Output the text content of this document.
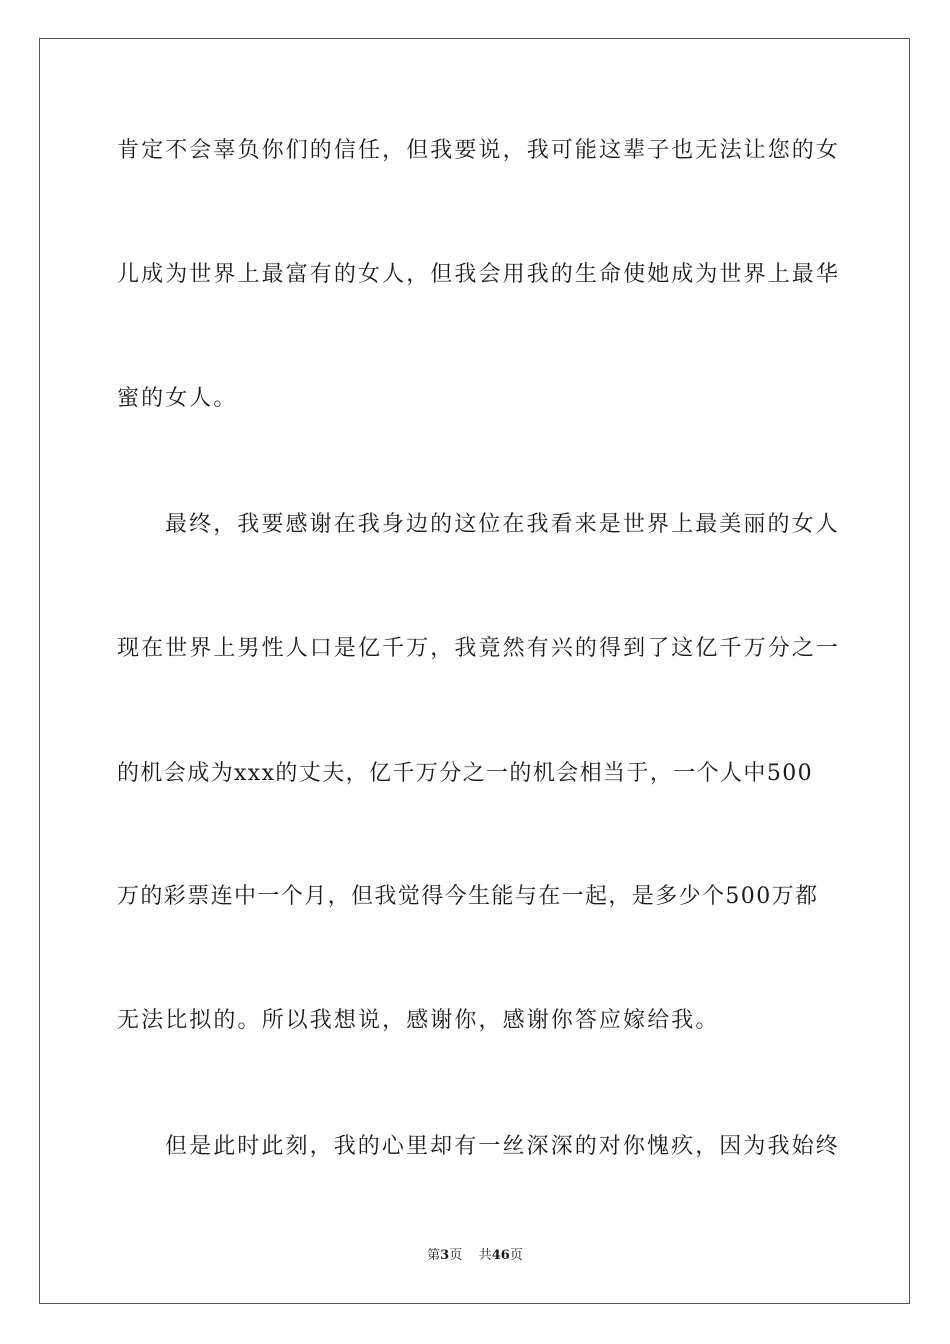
肯定不会辜负你们的信任，但我要说，我可能这辈子也无法让您的女
儿成为世界上最富有的女人，但我会用我的生命使她成为世界上最华
蜜的女人。
最终，我要感谢在我身边的这位在我看来是世界上最美丽的女人
现在世界上男性人口是亿千万，我竟然有兴的得到了这亿千万分之一
的机会成为xxx的丈夫，亿千万分之一的机会相当于，一个人中500
万的彩票连中一个月，但我觉得今生能与在一起，是多少个500万都
无法比拟的。所以我想说，感谢你，感谢你答应嫁给我。
但是此时此刻，我的心里却有一丝深深的对你愧疚，因为我始终
第3页 共46页
